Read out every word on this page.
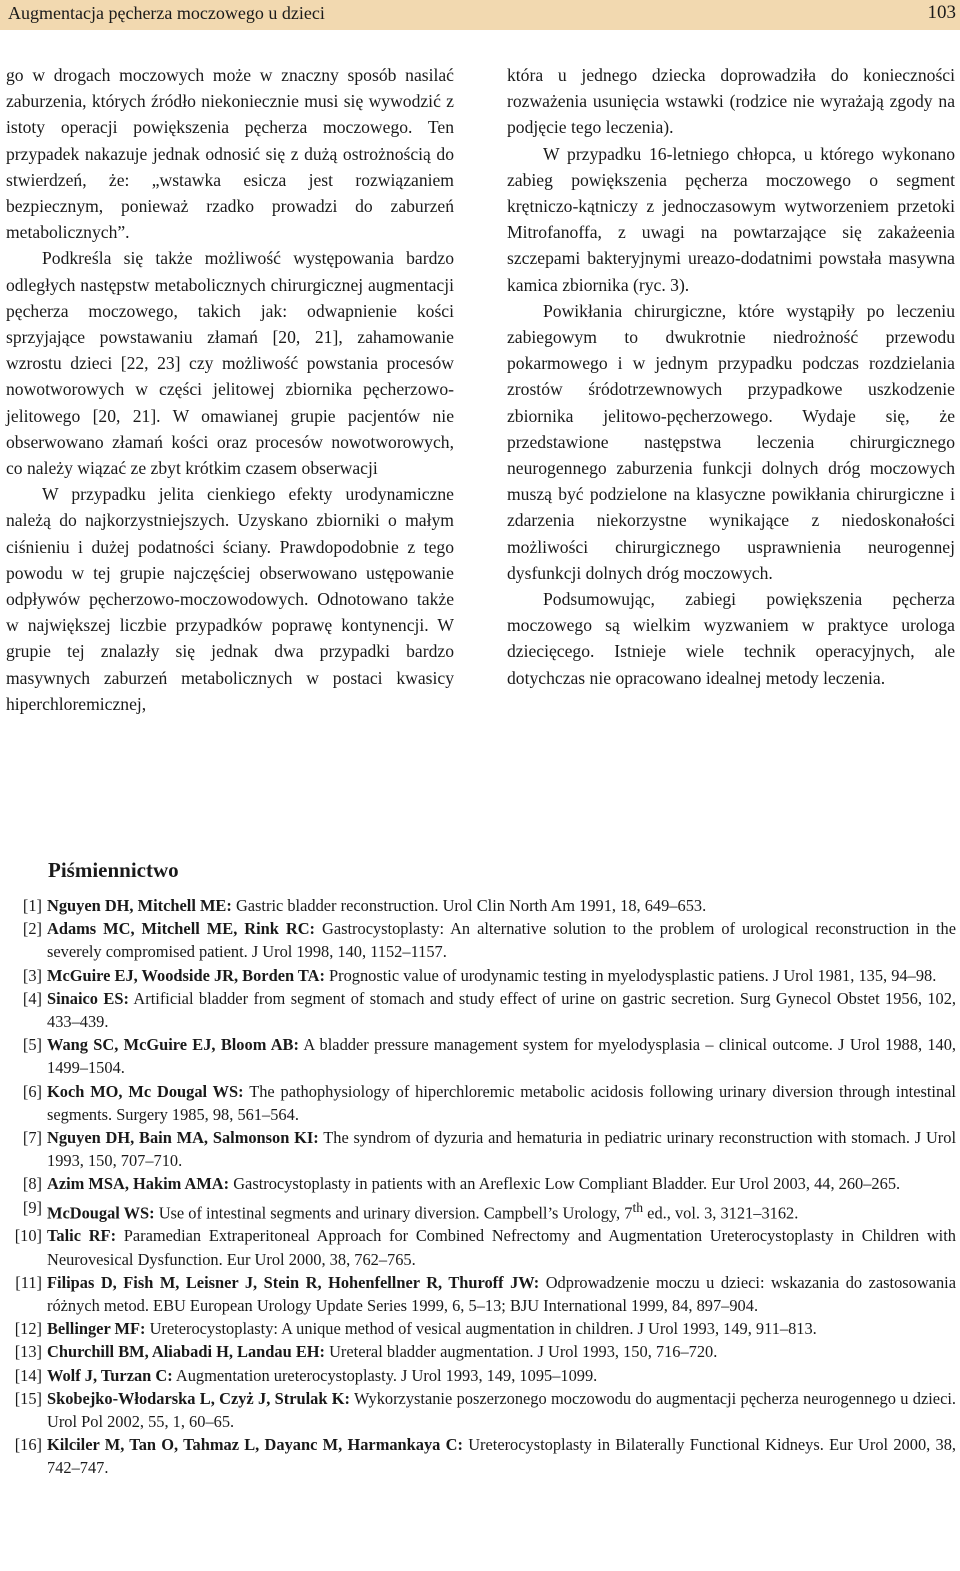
Augmentacja pęcherza moczowego u dzieci	103

go w drogach moczowych może w znaczny sposób nasilać zaburzenia, których źródło niekoniecznie musi się wywodzić z istoty operacji powiększenia pęcherza moczowego. Ten przypadek nakazuje jednak odnosić się z dużą ostrożnością do stwierdzeń, że: „wstawka esicza jest rozwiązaniem bezpiecznym, ponieważ rzadko prowadzi do zaburzeń metabolicznych”.

Podkreśla się także możliwość występowania bardzo odległych następstw metabolicznych chirurgicznej augmentacji pęcherza moczowego, takich jak: odwapnienie kości sprzyjające powstawaniu złamań [20, 21], zahamowanie wzrostu dzieci [22, 23] czy możliwość powstania procesów nowotworowych w części jelitowej zbiornika pęcherzowo-jelitowego [20, 21]. W omawianej grupie pacjentów nie obserwowano złamań kości oraz procesów nowotworowych, co należy wiązać ze zbyt krótkim czasem obserwacji

W przypadku jelita cienkiego efekty urodynamiczne należą do najkorzystniejszych. Uzyskano zbiorniki o małym ciśnieniu i dużej podatności ściany. Prawdopodobnie z tego powodu w tej grupie najczęściej obserwowano ustępowanie odpływów pęcherzowo-moczowodowych. Odnotowano także w największej liczbie przypadków poprawę kontynencji. W grupie tej znalazły się jednak dwa przypadki bardzo masywnych zaburzeń metabolicznych w postaci kwasicy hiperchloremicznej,

która u jednego dziecka doprowadziła do konieczności rozważenia usunięcia wstawki (rodzice nie wyrażają zgody na podjęcie tego leczenia).

W przypadku 16-letniego chłopca, u którego wykonano zabieg powiększenia pęcherza moczowego o segment krętniczo-kątniczy z jednoczasowym wytworzeniem przetoki Mitrofanoffa, z uwagi na powtarzające się zakażeenia szczepami bakteryjnymi ureazo-dodatnimi powstała masywna kamica zbiornika (ryc. 3).

Powikłania chirurgiczne, które wystąpiły po leczeniu zabiegowym to dwukrotnie niedrożność przewodu pokarmowego i w jednym przypadku podczas rozdzielania zrostów śródotrzewnowych przypadkowe uszkodzenie zbiornika jelitowo-pęcherzowego. Wydaje się, że przedstawione następstwa leczenia chirurgicznego neurogennego zaburzenia funkcji dolnych dróg moczowych muszą być podzielone na klasyczne powikłania chirurgiczne i zdarzenia niekorzystne wynikające z niedoskonałości możliwości chirurgicznego usprawnienia neurogennej dysfunkcji dolnych dróg moczowych.

Podsumowując, zabiegi powiększenia pęcherza moczowego są wielkim wyzwaniem w praktyce urologa dziecięcego. Istnieje wiele technik operacyjnych, ale dotychczas nie opracowano idealnej metody leczenia.

Piśmiennictwo

[1] Nguyen DH, Mitchell ME: Gastric bladder reconstruction. Urol Clin North Am 1991, 18, 649–653.

[2] Adams MC, Mitchell ME, Rink RC: Gastrocystoplasty: An alternative solution to the problem of urological reconstruction in the severely compromised patient. J Urol 1998, 140, 1152–1157.

[3] McGuire EJ, Woodside JR, Borden TA: Prognostic value of urodynamic testing in myelodysplastic patiens. J Urol 1981, 135, 94–98.

[4] Sinaico ES: Artificial bladder from segment of stomach and study effect of urine on gastric secretion. Surg Gynecol Obstet 1956, 102, 433–439.

[5] Wang SC, McGuire EJ, Bloom AB: A bladder pressure management system for myelodysplasia – clinical outcome. J Urol 1988, 140, 1499–1504.

[6] Koch MO, Mc Dougal WS: The pathophysiology of hiperchloremic metabolic acidosis following urinary diversion through intestinal segments. Surgery 1985, 98, 561–564.

[7] Nguyen DH, Bain MA, Salmonson KI: The syndrom of dyzuria and hematuria in pediatric urinary reconstruction with stomach. J Urol 1993, 150, 707–710.

[8] Azim MSA, Hakim AMA: Gastrocystoplasty in patients with an Areflexic Low Compliant Bladder. Eur Urol 2003, 44, 260–265.

[9] McDougal WS: Use of intestinal segments and urinary diversion. Campbell’s Urology, 7th ed., vol. 3, 3121–3162.

[10] Talic RF: Paramedian Extraperitoneal Approach for Combined Nefrectomy and Augmentation Ureterocystoplasty in Children with Neurovesical Dysfunction. Eur Urol 2000, 38, 762–765.

[11] Filipas D, Fish M, Leisner J, Stein R, Hohenfellner R, Thuroff JW: Odprowadzenie moczu u dzieci: wskazania do zastosowania różnych metod. EBU European Urology Update Series 1999, 6, 5–13; BJU International 1999, 84, 897–904.

[12] Bellinger MF: Ureterocystoplasty: A unique method of vesical augmentation in children. J Urol 1993, 149, 911–813.

[13] Churchill BM, Aliabadi H, Landau EH: Ureteral bladder augmentation. J Urol 1993, 150, 716–720.

[14] Wolf J, Turzan C: Augmentation ureterocystoplasty. J Urol 1993, 149, 1095–1099.

[15] Skobejko-Włodarska L, Czyż J, Strulak K: Wykorzystanie poszerzonego moczowodu do augmentacji pęcherza neurogennego u dzieci. Urol Pol 2002, 55, 1, 60–65.

[16] Kilciler M, Tan O, Tahmaz L, Dayanc M, Harmankaya C: Ureterocystoplasty in Bilaterally Functional Kidneys. Eur Urol 2000, 38, 742–747.
